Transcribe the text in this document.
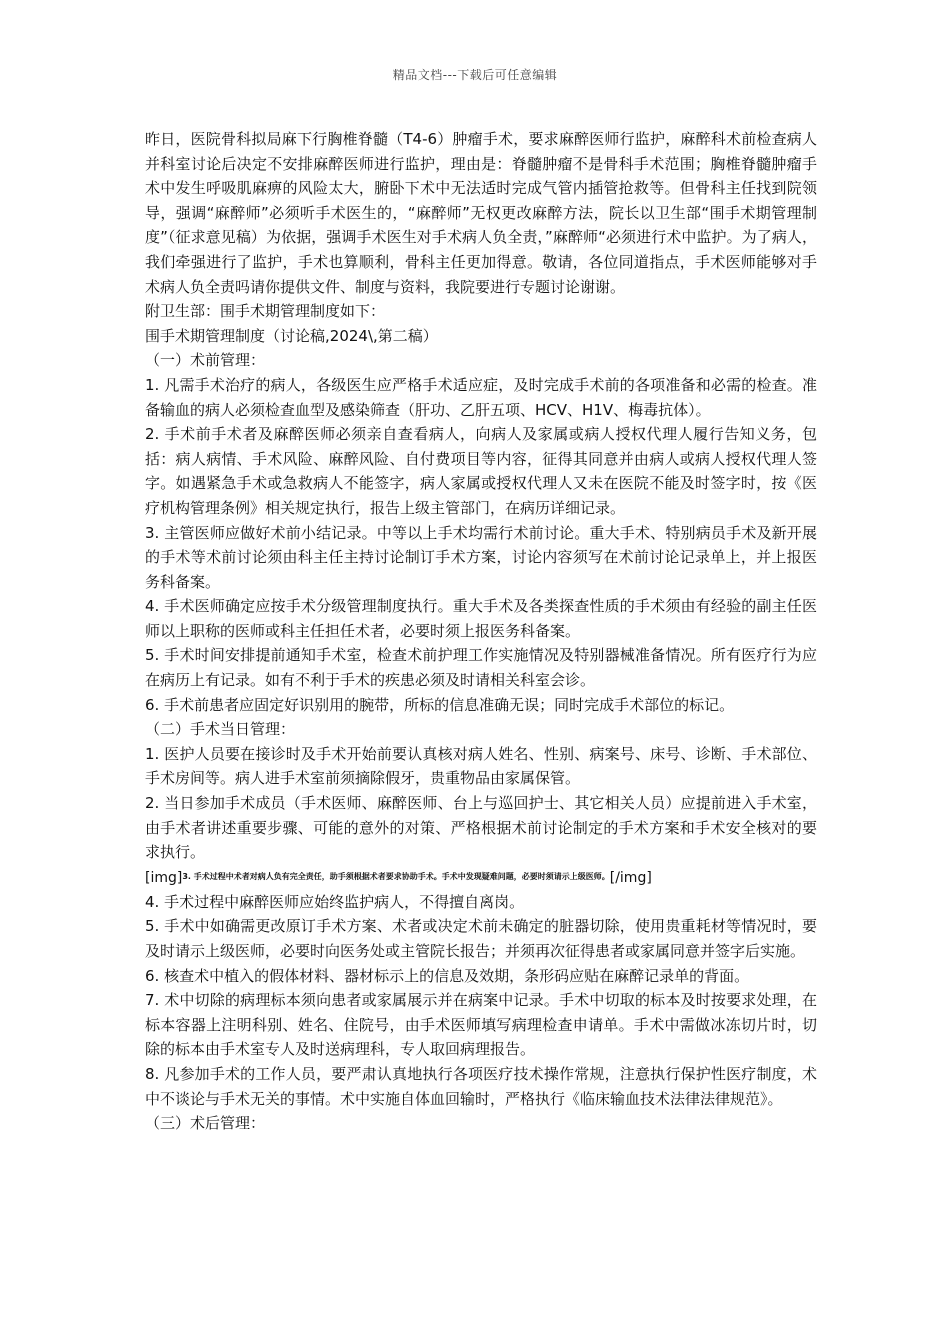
精品文档---下载后可任意编辑

昨日，医院骨科拟局麻下行胸椎脊髓（T4-6）肿瘤手术，要求麻醉医师行监护，麻醉科术前检查病人并科室讨论后决定不安排麻醉医师进行监护，理由是：脊髓肿瘤不是骨科手术范围；胸椎脊髓肿瘤手术中发生呼吸肌麻痹的风险太大，腑卧下术中无法适时完成气管内插管抢救等。但骨科主任找到院领导，强调“麻醉师”必须听手术医生的，“麻醉师”无权更改麻醉方法，院长以卫生部“围手术期管理制度”（征求意见稿）为依据，强调手术医生对手术病人负全责，”麻醉师“必须进行术中监护。为了病人，我们牵强进行了监护，手术也算顺利，骨科主任更加得意。敬请，各位同道指点，手术医师能够对手术病人负全责吗请你提供文件、制度与资料，我院要进行专题讨论谢谢。

附卫生部：围手术期管理制度如下：

围手术期管理制度（讨论稿,2024\,第二稿）

（一）术前管理：

1. 凡需手术治疗的病人，各级医生应严格手术适应症，及时完成手术前的各项准备和必需的检查。准备输血的病人必须检查血型及感染筛查（肝功、乙肝五项、HCV、H1V、梅毒抗体）。

2. 手术前手术者及麻醉医师必须亲自查看病人，向病人及家属或病人授权代理人履行告知义务，包括：病人病情、手术风险、麻醉风险、自付费项目等内容，征得其同意并由病人或病人授权代理人签字。如遇紧急手术或急救病人不能签字，病人家属或授权代理人又未在医院不能及时签字时，按《医疗机构管理条例》相关规定执行，报告上级主管部门，在病历详细记录。

3. 主管医师应做好术前小结记录。中等以上手术均需行术前讨论。重大手术、特别病员手术及新开展的手术等术前讨论须由科主任主持讨论制订手术方案，讨论内容须写在术前讨论记录单上，并上报医务科备案。

4. 手术医师确定应按手术分级管理制度执行。重大手术及各类探查性质的手术须由有经验的副主任医师以上职称的医师或科主任担任术者，必要时须上报医务科备案。

5. 手术时间安排提前通知手术室，检查术前护理工作实施情况及特别器械准备情况。所有医疗行为应在病历上有记录。如有不利于手术的疾患必须及时请相关科室会诊。

6. 手术前患者应固定好识别用的腕带，所标的信息准确无误；同时完成手术部位的标记。

（二）手术当日管理：

1. 医护人员要在接诊时及手术开始前要认真核对病人姓名、性别、病案号、床号、诊断、手术部位、手术房间等。病人进手术室前须摘除假牙，贵重物品由家属保管。

2. 当日参加手术成员（手术医师、麻醉医师、台上与巡回护士、其它相关人员）应提前进入手术室，由手术者讲述重要步骤、可能的意外的对策、严格根据术前讨论制定的手术方案和手术安全核对的要求执行。

[img]$^{3. 手术过程中术者对病人负有完全责任,助手须根据术者要求协助手术。手术中发现疑难问题,必要时须请示上级医师。}$[/img]

4. 手术过程中麻醉医师应始终监护病人，不得擅自离岗。

5. 手术中如确需更改原订手术方案、术者或决定术前未确定的脏器切除，使用贵重耗材等情况时，要及时请示上级医师，必要时向医务处或主管院长报告；并须再次征得患者或家属同意并签字后实施。

6. 核查术中植入的假体材料、器材标示上的信息及效期，条形码应贴在麻醉记录单的背面。

7. 术中切除的病理标本须向患者或家属展示并在病案中记录。手术中切取的标本及时按要求处理，在标本容器上注明科别、姓名、住院号，由手术医师填写病理检查申请单。手术中需做冰冻切片时，切除的标本由手术室专人及时送病理科，专人取回病理报告。

8. 凡参加手术的工作人员，要严肃认真地执行各项医疗技术操作常规，注意执行保护性医疗制度，术中不谈论与手术无关的事情。术中实施自体血回输时，严格执行《临床输血技术法律法律规范》。

（三）术后管理：
